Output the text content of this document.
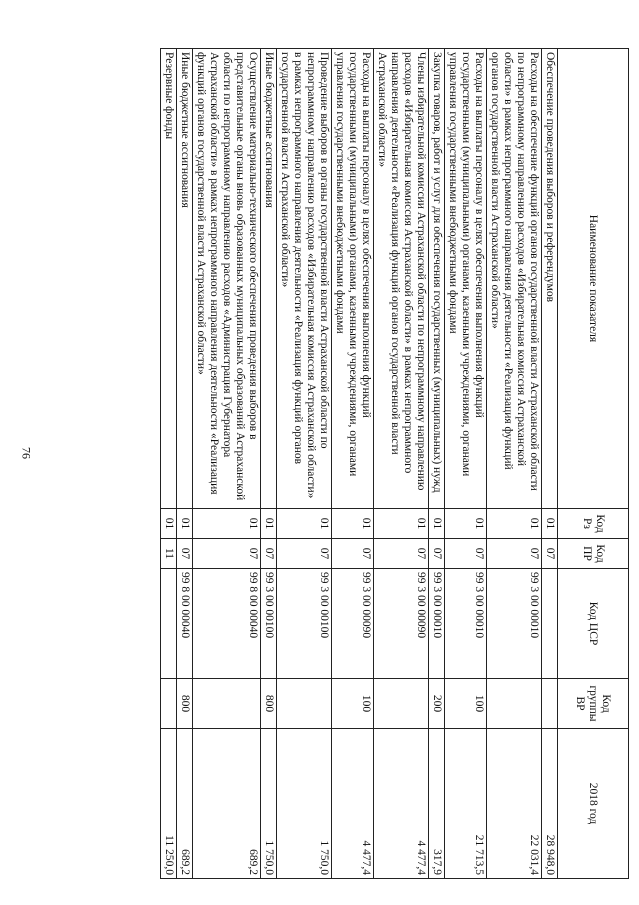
76
Наименование показателя	Код Рз	Код ПР	Код ЦСР	Код группы ВР	2018 год
Обеспечение проведения выборов и референдумов	01	07			28 948,0
Расходы на обеспечение функций органов государственной власти Астраханской области по непрограммному направлению расходов «Избирательная комиссия Астраханской области» в рамках непрограммного направления деятельности «Реализация функций органов государственной власти Астраханской области»	01	07	99 3 00 00010		22 031,4
Расходы на выплаты персоналу в целях обеспечения выполнения функций государственными (муниципальными) органами, казенными учреждениями, органами управления государственными внебюджетными фондами	01	07	99 3 00 00010	100	21 713,5
Закупка товаров, работ и услуг для обеспечения государственных (муниципальных) нужд	01	07	99 3 00 00010	200	317,9
Члены избирательной комиссии Астраханской области по непрограммному направлению расходов «Избирательная комиссия Астраханской области» в рамках непрограммного направления деятельности «Реализация функций органов государственной власти Астраханской области»	01	07	99 3 00 00090		4 477,4
Расходы на выплаты персоналу в целях обеспечения выполнения функций государственными (муниципальными) органами, казенными учреждениями, органами управления государственными внебюджетными фондами	01	07	99 3 00 00090	100	4 477,4
Проведение выборов в органы государственной власти Астраханской области по непрограммному направлению расходов «Избирательная комиссия Астраханской области» в рамках непрограммного направления деятельности «Реализация функций органов государственной власти Астраханской области»	01	07	99 3 00 00100		1 750,0
Иные бюджетные ассигнования	01	07	99 3 00 00100	800	1 750,0
Осуществление материально-технического обеспечения проведения выборов в представительные органы вновь образованных муниципальных образований Астраханской области по непрограммному направлению расходов «Администрация Губернатора Астраханской области» в рамках непрограммного направления деятельности «Реализация функций органов государственной власти Астраханской области»	01	07	99 8 00 00040		689,2
Иные бюджетные ассигнования	01	07	99 8 00 00040	800	689,2
Резервные фонды	01	11			11 250,0
